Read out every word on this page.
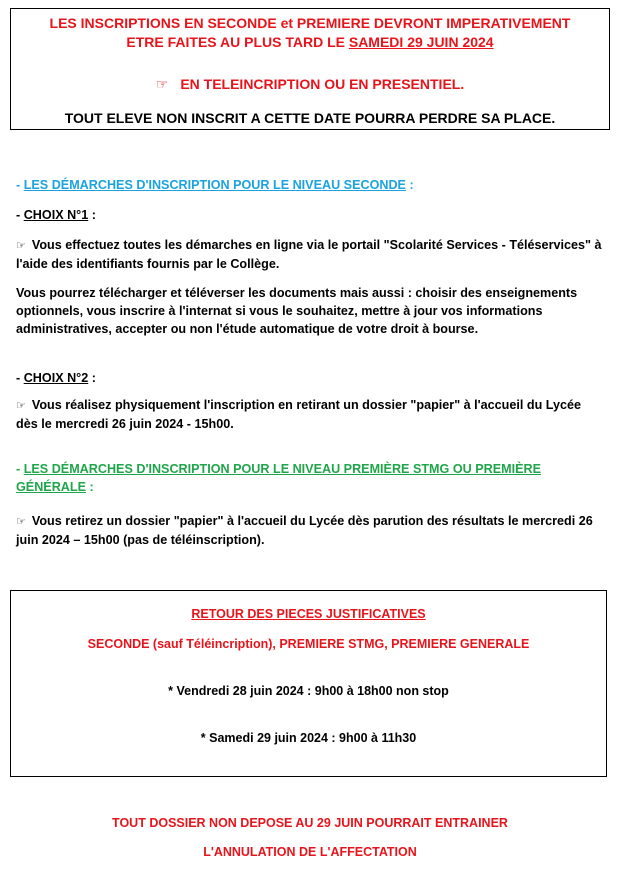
LES INSCRIPTIONS EN SECONDE et PREMIERE DEVRONT IMPERATIVEMENT
ETRE FAITES AU PLUS TARD LE SAMEDI 29 JUIN 2024
☞ EN TELEINCRIPTION OU EN PRESENTIEL.
TOUT ELEVE NON INSCRIT A CETTE DATE POURRA PERDRE SA PLACE.
- LES DÉMARCHES D'INSCRIPTION POUR LE NIVEAU SECONDE :
- CHOIX N°1 :
☞ Vous effectuez toutes les démarches en ligne via le portail "Scolarité Services - Téléservices" à l'aide des identifiants fournis par le Collège.
Vous pourrez télécharger et téléverser les documents mais aussi : choisir des enseignements optionnels, vous inscrire à l'internat si vous le souhaitez, mettre à jour vos informations administratives, accepter ou non l'étude automatique de votre droit à bourse.
- CHOIX N°2 :
☞ Vous réalisez physiquement l'inscription en retirant un dossier "papier" à l'accueil du Lycée dès le mercredi 26 juin 2024 - 15h00.
- LES DÉMARCHES D'INSCRIPTION POUR LE NIVEAU PREMIÈRE STMG OU PREMIÈRE GÉNÉRALE :
☞ Vous retirez un dossier "papier" à l'accueil du Lycée dès parution des résultats le mercredi 26 juin 2024 – 15h00 (pas de téléinscription).
RETOUR DES PIECES JUSTIFICATIVES
SECONDE (sauf Téléincription), PREMIERE STMG, PREMIERE GENERALE
* Vendredi 28 juin 2024 : 9h00 à 18h00 non stop
* Samedi 29 juin 2024 : 9h00 à 11h30
TOUT DOSSIER NON DEPOSE AU 29 JUIN POURRAIT ENTRAINER
L'ANNULATION DE L'AFFECTATION
